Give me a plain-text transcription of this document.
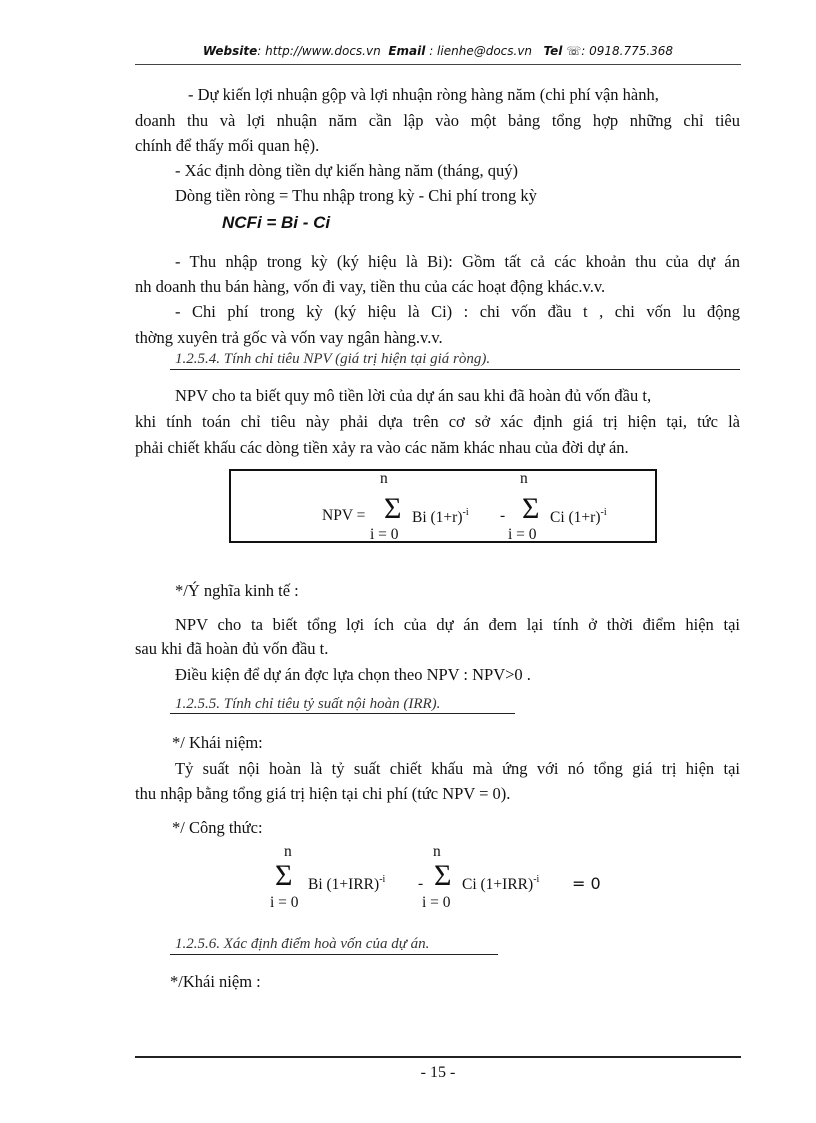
Website: http://www.docs.vn Email : lienhe@docs.vn Tel ☏: 0918.775.368
- Dự kiến lợi nhuận gộp và lợi nhuận ròng hàng năm (chi phí vận hành,
doanh thu và lợi nhuận năm cần lập vào một bảng tổng hợp những chỉ tiêu
chính để thấy mối quan hệ).
- Xác định dòng tiền dự kiến hàng năm (tháng, quý)
Dòng tiền ròng = Thu nhập trong kỳ - Chi phí trong kỳ
NCFi = Bi - Ci
- Thu nhập trong kỳ (ký hiệu là Bi): Gồm tất cả các khoản thu của dự án
nh doanh thu bán hàng, vốn đi vay, tiền thu của các hoạt động khác.v.v.
- Chi phí trong kỳ (ký hiệu là Ci) : chi vốn đầu t , chi vốn lu động
thờng xuyên trả gốc và vốn vay ngân hàng.v.v.
1.2.5.4. Tính chỉ tiêu NPV (giá trị hiện tại giá ròng).
NPV cho ta biết quy mô tiền lời của dự án sau khi đã hoàn đủ vốn đầu t,
khi tính toán chỉ tiêu này phải dựa trên cơ sở xác định giá trị hiện tại, tức là
phải chiết khấu các dòng tiền xảy ra vào các năm khác nhau của đời dự án.
n	n
NPV = Σ Bi $(1+r)^{-i} - \Sigma$ Ci $(1+r)^{-i}$
i = 0	i = 0
*/Ý nghĩa kinh tế :
NPV cho ta biết tổng lợi ích của dự án đem lại tính ở thời điểm hiện tại
sau khi đã hoàn đủ vốn đầu t.
Điều kiện để dự án đợc lựa chọn theo NPV : NPV>0 .
1.2.5.5. Tính chỉ tiêu tỷ suất nội hoàn (IRR).
*/ Khái niệm:
Tỷ suất nội hoàn là tỷ suất chiết khấu mà ứng với nó tổng giá trị hiện tại
thu nhập bằng tổng giá trị hiện tại chi phí (tức NPV = 0).
*/ Công thức:
n	n
Σ Bi $(1+IRR)^{-i} - \Sigma$ Ci $(1+IRR)^{-i} = 0$
i = 0	i = 0
1.2.5.6. Xác định điểm hoà vốn của dự án.
*/Khái niệm :
- 15 -
